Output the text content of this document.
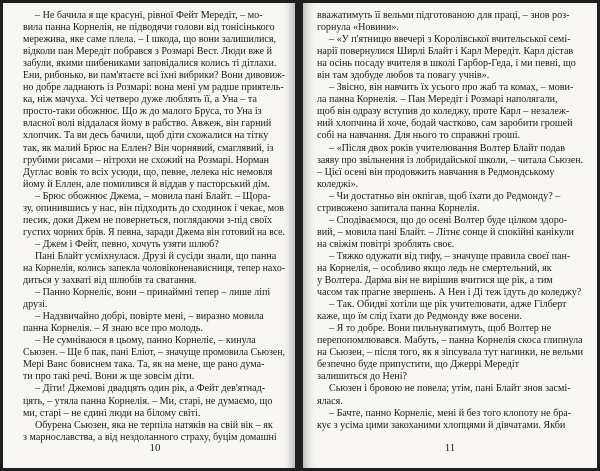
– Не бачила я ще красуні, рівної Фейт Мередіт, – мо-
вила панна Корнелія, не підводячи голови від тонісінького
мереживa, яке саме плела. – І шкода, що вони залишилися,
відколи пан Мередіт побрався з Розмарі Вест. Люди вже й
забули, якими шибениками заповідалися колись ті дітлахи.
Ени, рибонько, ви пам'ятаєте всі їхні вибрики? Вони дивовиж-
но добре ладнають із Розмарі: вона мені ум радше приятель-
ка, ніж мачуха. Усі четверо дуже люблять її, а Уна – та
просто-таки обожнює. Що ж до малого Бруса, то Уна із
власної волі віддалася йому в рабство. Авжеж, він гарний
хлопчик. Та ви десь бачили, щоб діти схожалися на тітку
так, як малий Брюс на Еллен? Він чорнявий, смаглявий, із
грубими рисами – нітрохи не схожий на Розмарі. Норман
Дуглас вовік то всіх усюди, що, певне, лелека ніс немовля
йому й Еллен, але помилився й віддав у пасторський дім.
– Брюс обожнює Джема, – мовила пані Блайт. – Щора-
зу, опинившись у нас, він підходить до сходинок і чекає, мов
песик, доки Джем не повернеться, поглядаючи з-під своїх
густих чорних брів. Я певна, заради Джема він готовий на все.
– Джем і Фейт, певно, хочуть узяти шлюб?
Пані Блайт усміхнулася. Друзі й сусіди знали, що панна
на Корнелія, колись запекла чоловіконенависниця, тепер нахо-
диться у захваті від шлюбів та сватання.
– Панно Корнеліє, вони – принаймні тепер – лише ліпі
друзі.
– Надзвичайно добрі, повірте мені, – виразно мовила
панна Корнелія. – Я знаю все про молодь.
– Не сумніваюся в цьому, панно Корнеліє, – кинула
Сьюзен. – Ще б пак, пані Еліот, – значуще промовила Сьюзен,
Мері Ванс бовиснем така. Та, як на мене, ще рано дума-
ти про такі речі. Вони ж ще зовсім діти.
– Діти! Джемові двадцять один рік, а Фейт дев'ятнад-
цять, – утяла панна Корнелія. – Ми, старі, не думаємо, що
ми, старі – не єдині люди на білому світі.
Обурена Сьюзен, яка не терпіла натяків на свій вік – як
з марнославства, а від нездоланного страху, буцім домашні
10
вважатимуть її вельми підготованою для праці, – знов роз-
горнула «Новини».
– «У п'ятницю ввечері з Королівської вчительської семі-
нарії повернулися Ширлі Блайт і Карл Мередіт. Карл дістав
на осінь посаду вчителя в школі Гарбор-Геда, і ми певні, що
він там здобуде любов та повагу учнів».
– Звісно, він навчить їх усього про жаб та комах, – мови-
ла панна Корнелія. – Пан Мередіт і Розмарі наполягали,
щоб він одразу вступив до коледжу, проте Карл – незалеж-
ний хлопчина й хоче, бодай частково, сам заробити грошей
собі на навчання. Для нього то справжні гроші.
– «Після двох років учителювання Волтер Блайт подав
заяву про звільнення із лобридайської школи, – читала Сьюзен.
– Цієї осені він продовжить навчання в Редмондському
коледжі».
– Чи достатньо він окпігав, щоб їхати до Редмонду? –
стривожено запитала панна Корнелія.
– Сподіваємося, що до осені Волтер буде цілком здоро-
вий, – мовила пані Блайт. – Літнє сонце й спокійні канікули
на свіжім повітрі зроблять своє.
– Тяжко одужати від тифу, – значуще правила своєї пан-
на Корнелія, – особливо якщо ледь не смертельний, як
у Волтера. Дарма він не вирішив вчитися ще рік, а тим
часом так прагне звершень. А Нен і Ді теж їдуть до коледжу?
– Так. Обидві хотіли ще рік учителювати, адже Гілберт
каже, що їм слід їхати до Редмонду вже восени.
– Я то добре. Вони пильнуватимуть, щоб Волтер не
перепопомлювався. Мабуть, – панна Корнелія скоса глипнула
на Сьюзен, – після того, як я зіпсувала тут нагинки, не вельми
безпечно буде припустити, що Джеррі Мередіт
залишиться до Нені?
Сьюзен і бровою не повела; утім, пані Блайт знов засмі-
ялася.
– Бачте, панно Корнеліє, мені й без того клопоту не бра-
кує з усіма цими закоханими хлопцями й дівчатами. Якби
11
